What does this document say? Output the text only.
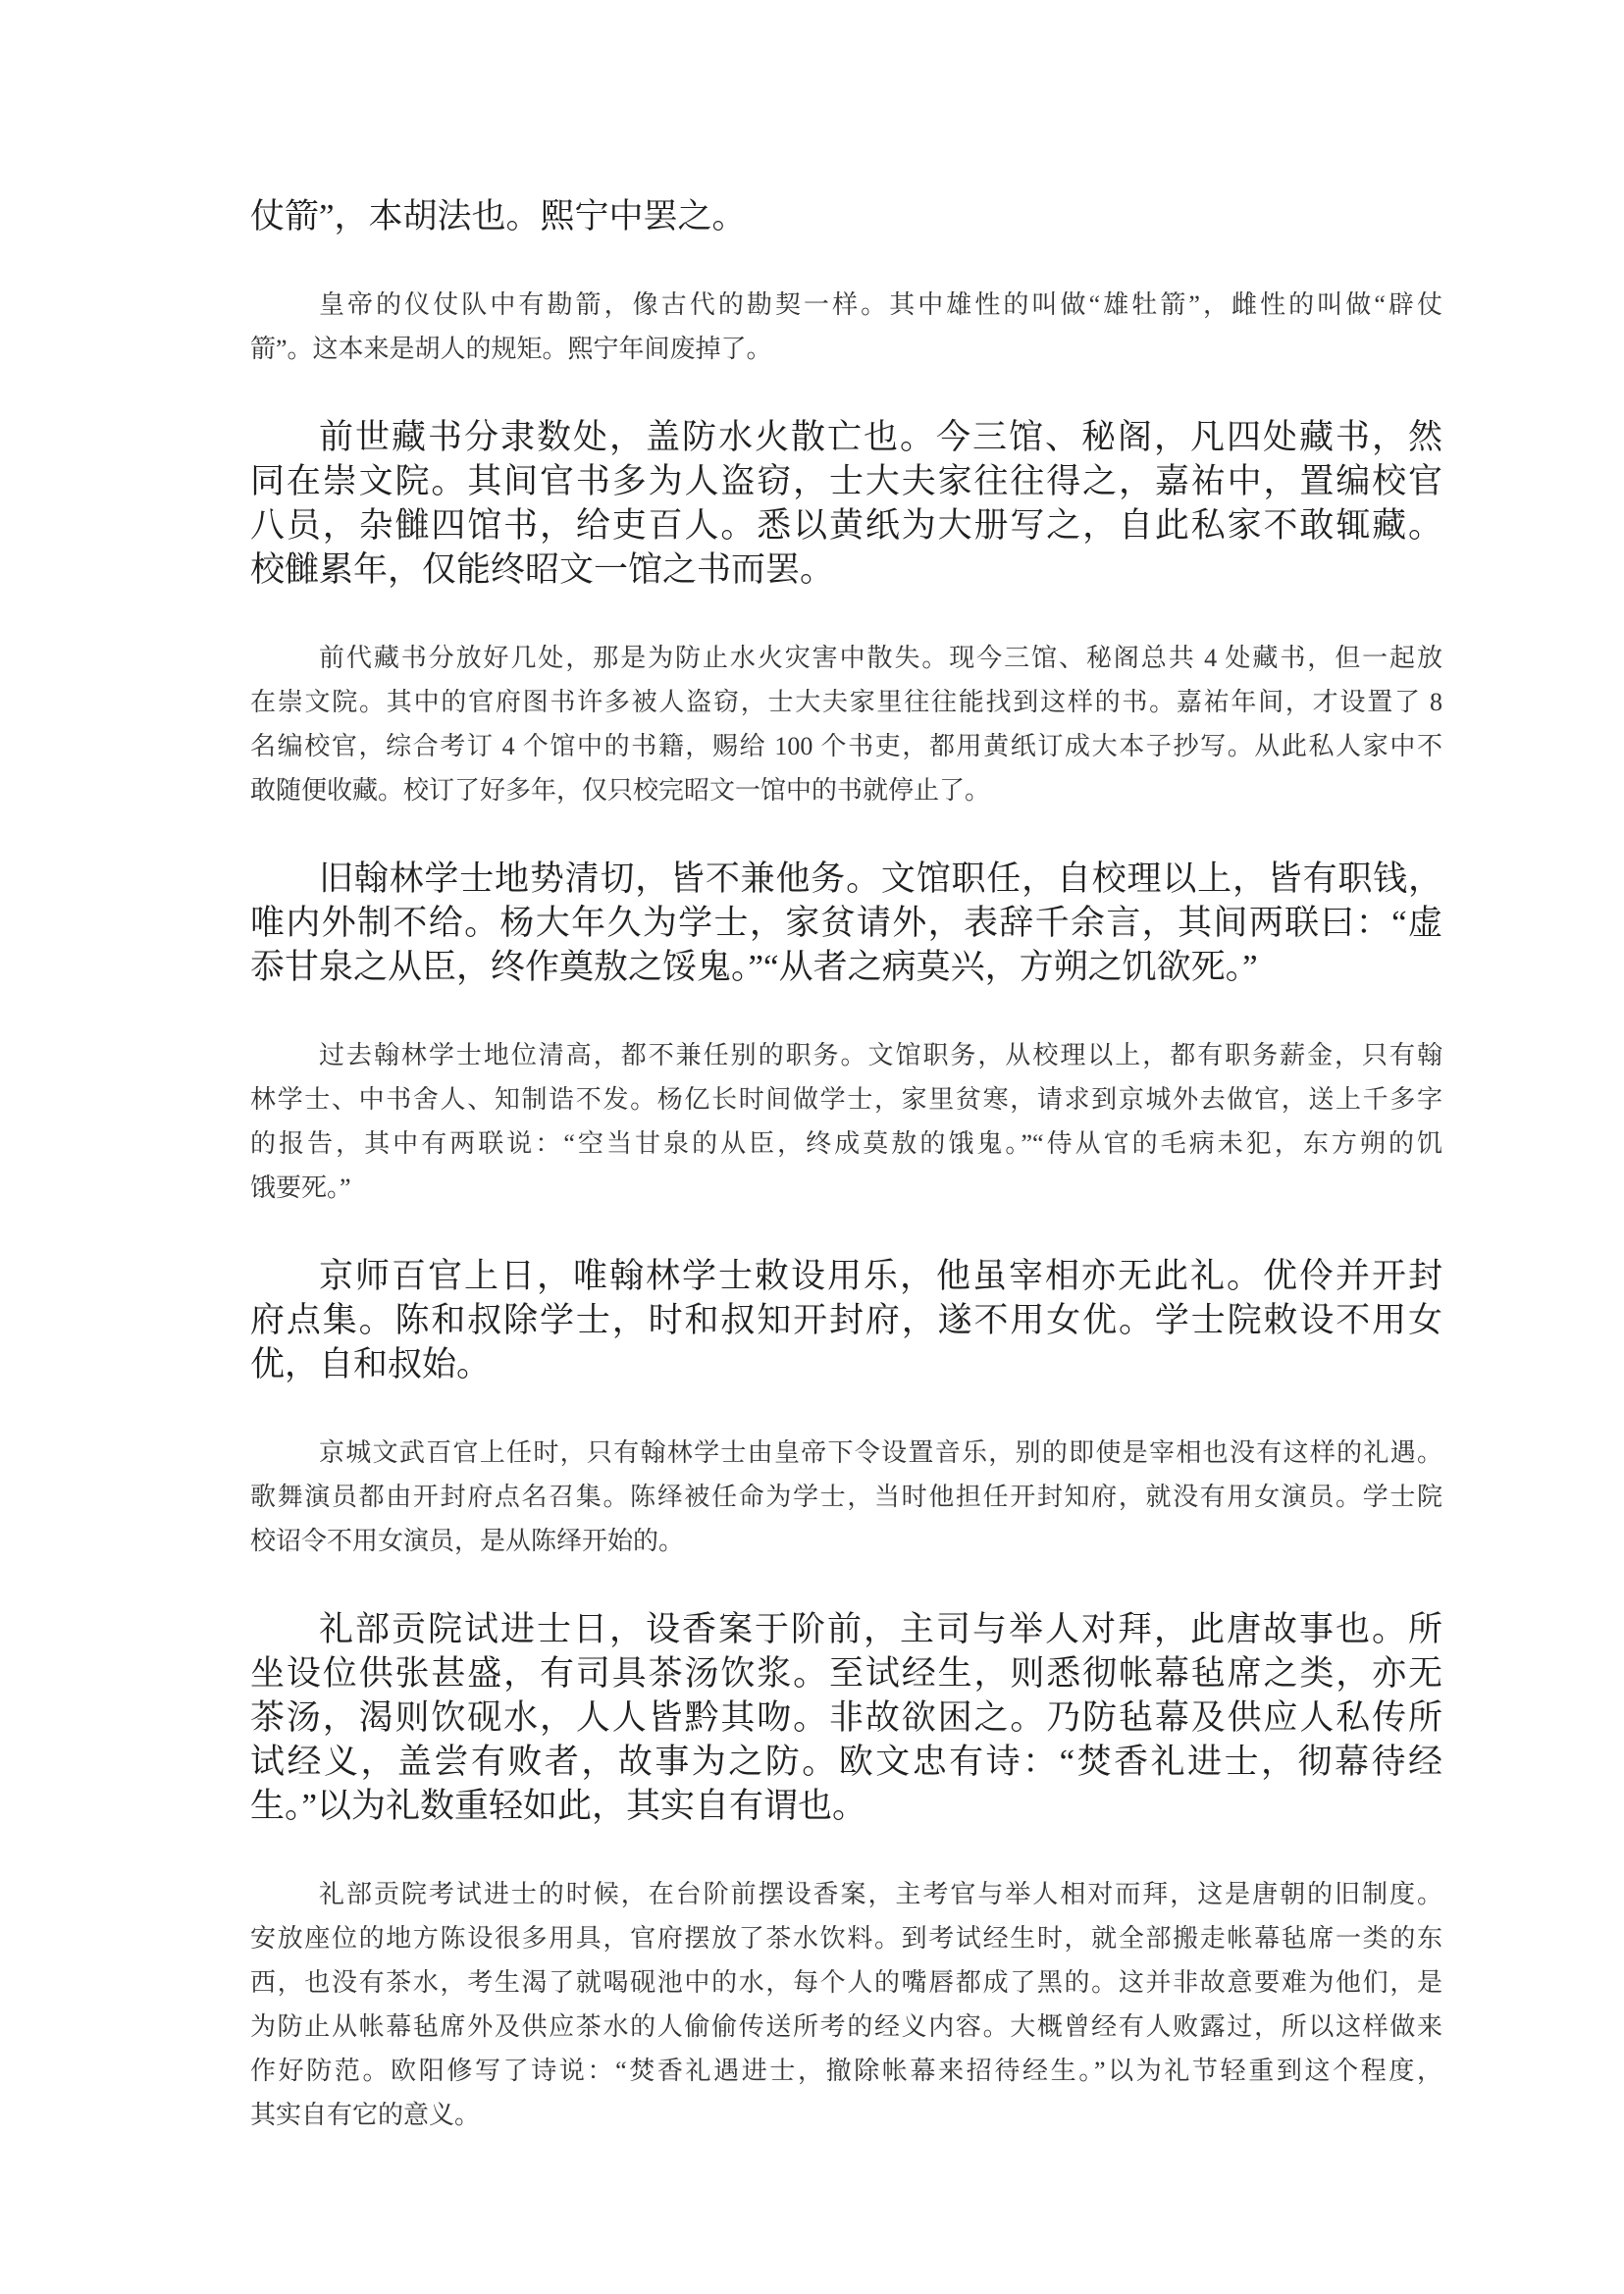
仗箭”，本胡法也。熙宁中罢之。
皇帝的仪仗队中有勘箭，像古代的勘契一样。其中雄性的叫做“雄牡箭”，雌性的叫做“辟仗
箭”。这本来是胡人的规矩。熙宁年间废掉了。
前世藏书分隶数处，盖防水火散亡也。今三馆、秘阁，凡四处藏书，然
同在崇文院。其间官书多为人盗窃，士大夫家往往得之，嘉祐中，置编校官
八员，杂雠四馆书，给吏百人。悉以黄纸为大册写之，自此私家不敢辄藏。
校雠累年，仅能终昭文一馆之书而罢。
前代藏书分放好几处，那是为防止水火灾害中散失。现今三馆、秘阁总共 4 处藏书，但一起放
在崇文院。其中的官府图书许多被人盗窃，士大夫家里往往能找到这样的书。嘉祐年间，才设置了 8
名编校官，综合考订 4 个馆中的书籍，赐给 100 个书吏，都用黄纸订成大本子抄写。从此私人家中不
敢随便收藏。校订了好多年，仅只校完昭文一馆中的书就停止了。
旧翰林学士地势清切，皆不兼他务。文馆职任，自校理以上，皆有职钱，
唯内外制不给。杨大年久为学士，家贫请外，表辞千余言，其间两联曰：“虚
忝甘泉之从臣，终作奠敖之馁鬼。”“从者之病莫兴，方朔之饥欲死。”
过去翰林学士地位清高，都不兼任别的职务。文馆职务，从校理以上，都有职务薪金，只有翰
林学士、中书舍人、知制诰不发。杨亿长时间做学士，家里贫寒，请求到京城外去做官，送上千多字
的报告，其中有两联说：“空当甘泉的从臣，终成莫敖的饿鬼。”“侍从官的毛病未犯，东方朔的饥
饿要死。”
京师百官上日，唯翰林学士敕设用乐，他虽宰相亦无此礼。优伶并开封
府点集。陈和叔除学士，时和叔知开封府，遂不用女优。学士院敕设不用女
优，自和叔始。
京城文武百官上任时，只有翰林学士由皇帝下令设置音乐，别的即使是宰相也没有这样的礼遇。
歌舞演员都由开封府点名召集。陈绎被任命为学士，当时他担任开封知府，就没有用女演员。学士院
校诏令不用女演员，是从陈绎开始的。
礼部贡院试进士日，设香案于阶前，主司与举人对拜，此唐故事也。所
坐设位供张甚盛，有司具茶汤饮浆。至试经生，则悉彻帐幕毡席之类，亦无
茶汤，渴则饮砚水，人人皆黔其吻。非故欲困之。乃防毡幕及供应人私传所
试经义，盖尝有败者，故事为之防。欧文忠有诗：“焚香礼进士，彻幕待经
生。”以为礼数重轻如此，其实自有谓也。
礼部贡院考试进士的时候，在台阶前摆设香案，主考官与举人相对而拜，这是唐朝的旧制度。
安放座位的地方陈设很多用具，官府摆放了茶水饮料。到考试经生时，就全部搬走帐幕毡席一类的东
西，也没有茶水，考生渴了就喝砚池中的水，每个人的嘴唇都成了黑的。这并非故意要难为他们，是
为防止从帐幕毡席外及供应茶水的人偷偷传送所考的经义内容。大概曾经有人败露过，所以这样做来
作好防范。欧阳修写了诗说：“焚香礼遇进士，撤除帐幕来招待经生。”以为礼节轻重到这个程度，
其实自有它的意义。
